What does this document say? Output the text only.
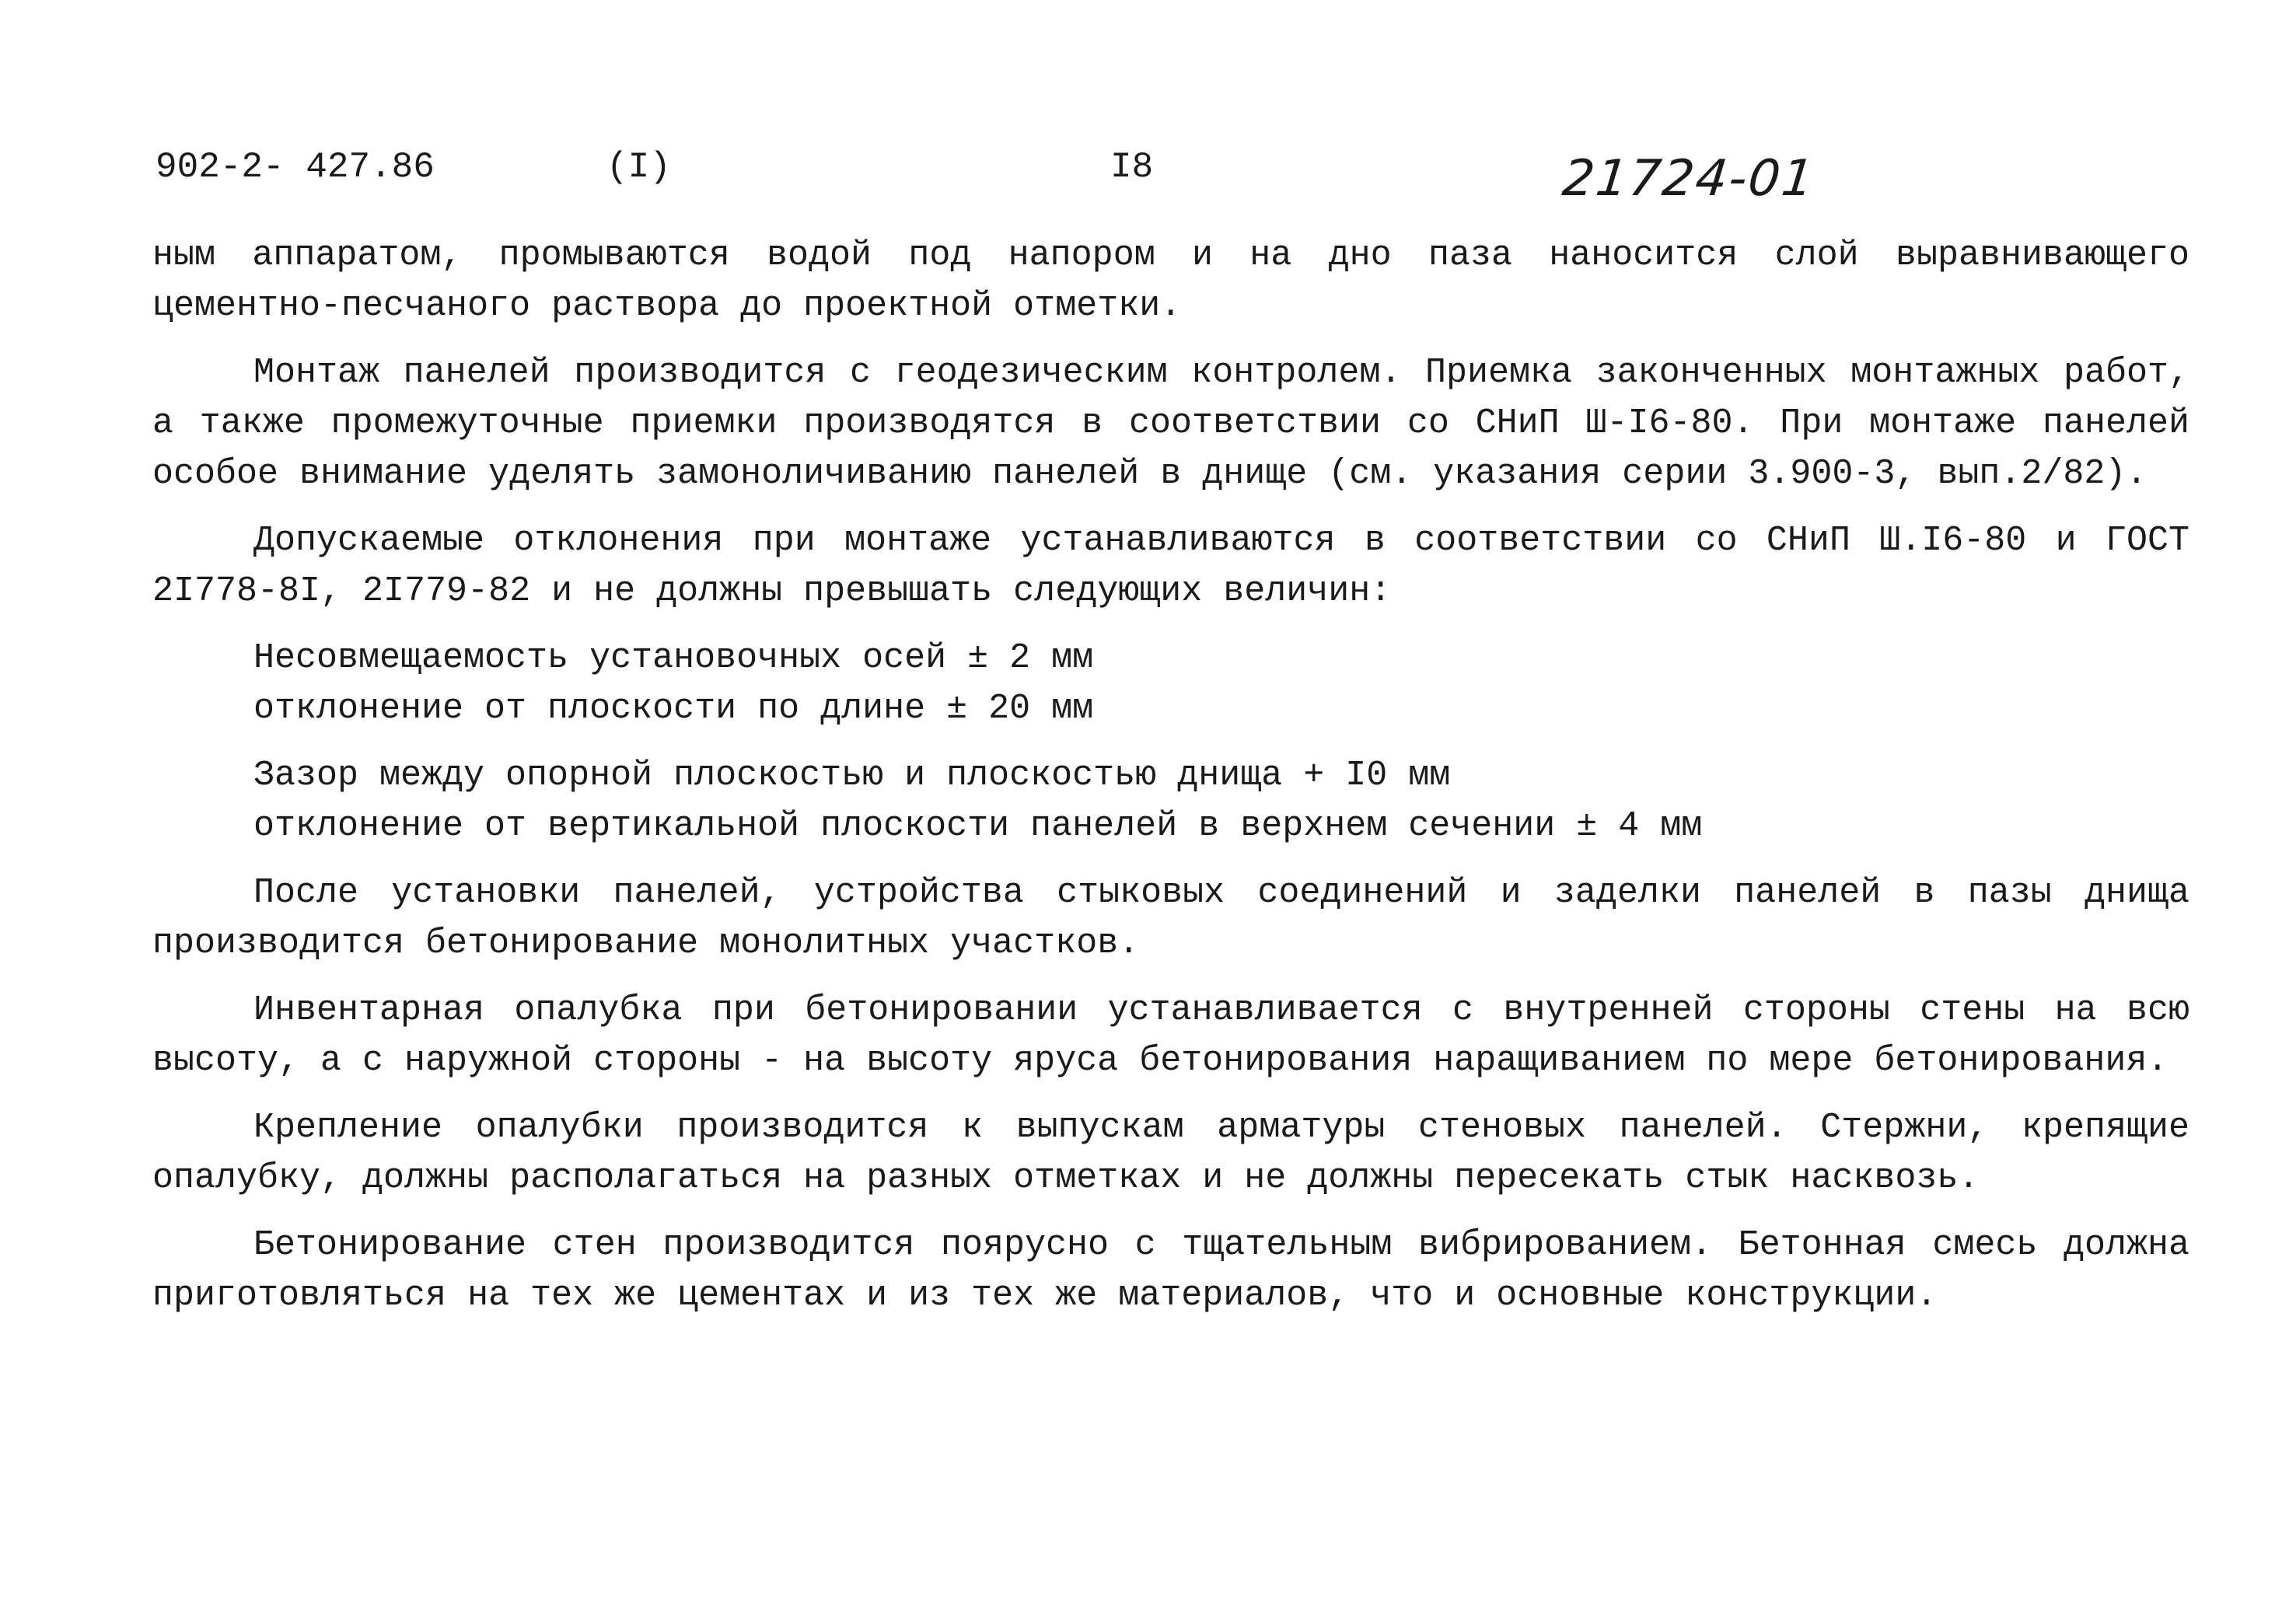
902-2- 427.86	(I)	I8	21724-01

ным аппаратом, промываются водой под напором и на дно паза наносится слой выравнивающего цементно-песчаного раствора до проектной отметки.

Монтаж панелей производится с геодезическим контролем. Приемка законченных монтажных работ, а также промежуточные приемки производятся в соответствии со СНиП Ш-I6-80. При монтаже панелей особое внимание уделять замоноличиванию панелей в днище (см. указания серии 3.900-3, вып.2/82).

Допускаемые отклонения при монтаже устанавливаются в соответствии со СНиП Ш.I6-80 и ГОСТ 2I778-8I, 2I779-82 и не должны превышать следующих величин:

Несовмещаемость установочных осей ± 2 мм
отклонение от плоскости по длине ± 20 мм
Зазор между опорной плоскостью и плоскостью днища + I0 мм
отклонение от вертикальной плоскости панелей в верхнем сечении ± 4 мм

После установки панелей, устройства стыковых соединений и заделки панелей в пазы днища производится бетонирование монолитных участков.

Инвентарная опалубка при бетонировании устанавливается с внутренней стороны стены на всю высоту, а с наружной стороны - на высоту яруса бетонирования наращиванием по мере бетонирования.

Крепление опалубки производится к выпускам арматуры стеновых панелей. Стержни, крепящие опалубку, должны располагаться на разных отметках и не должны пересекать стык насквозь.

Бетонирование стен производится поярусно с тщательным вибрированием. Бетонная смесь должна приготовляться на тех же цементах и из тех же материалов, что и основные конструкции.
